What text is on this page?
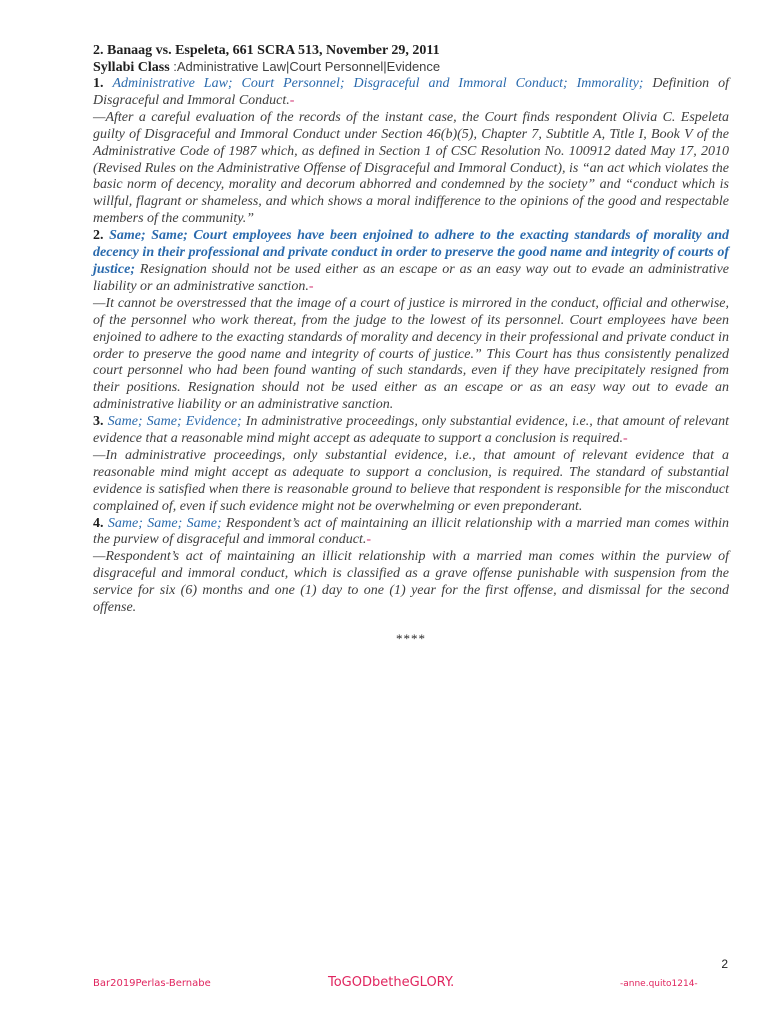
2. Banaag vs. Espeleta, 661 SCRA 513, November 29, 2011
Syllabi Class :Administrative Law|Court Personnel|Evidence
1. Administrative Law; Court Personnel; Disgraceful and Immoral Conduct; Immorality; Definition of Disgraceful and Immoral Conduct.-
—After a careful evaluation of the records of the instant case, the Court finds respondent Olivia C. Espeleta guilty of Disgraceful and Immoral Conduct under Section 46(b)(5), Chapter 7, Subtitle A, Title I, Book V of the Administrative Code of 1987 which, as defined in Section 1 of CSC Resolution No. 100912 dated May 17, 2010 (Revised Rules on the Administrative Offense of Disgraceful and Immoral Conduct), is “an act which violates the basic norm of decency, morality and decorum abhorred and condemned by the society” and “conduct which is willful, flagrant or shameless, and which shows a moral indifference to the opinions of the good and respectable members of the community.”
2. Same; Same; Court employees have been enjoined to adhere to the exacting standards of morality and decency in their professional and private conduct in order to preserve the good name and integrity of courts of justice; Resignation should not be used either as an escape or as an easy way out to evade an administrative liability or an administrative sanction.-
—It cannot be overstressed that the image of a court of justice is mirrored in the conduct, official and otherwise, of the personnel who work thereat, from the judge to the lowest of its personnel. Court employees have been enjoined to adhere to the exacting standards of morality and decency in their professional and private conduct in order to preserve the good name and integrity of courts of justice.” This Court has thus consistently penalized court personnel who had been found wanting of such standards, even if they have precipitately resigned from their positions. Resignation should not be used either as an escape or as an easy way out to evade an administrative liability or an administrative sanction.
3. Same; Same; Evidence; In administrative proceedings, only substantial evidence, i.e., that amount of relevant evidence that a reasonable mind might accept as adequate to support a conclusion is required.-
—In administrative proceedings, only substantial evidence, i.e., that amount of relevant evidence that a reasonable mind might accept as adequate to support a conclusion, is required. The standard of substantial evidence is satisfied when there is reasonable ground to believe that respondent is responsible for the misconduct complained of, even if such evidence might not be overwhelming or even preponderant.
4. Same; Same; Same; Respondent’s act of maintaining an illicit relationship with a married man comes within the purview of disgraceful and immoral conduct.-
—Respondent’s act of maintaining an illicit relationship with a married man comes within the purview of disgraceful and immoral conduct, which is classified as a grave offense punishable with suspension from the service for six (6) months and one (1) day to one (1) year for the first offense, and dismissal for the second offense.
****
2
Bar2019Perlas-Bernabe	ToGODbetheGLORY.	-anne.quito1214-
